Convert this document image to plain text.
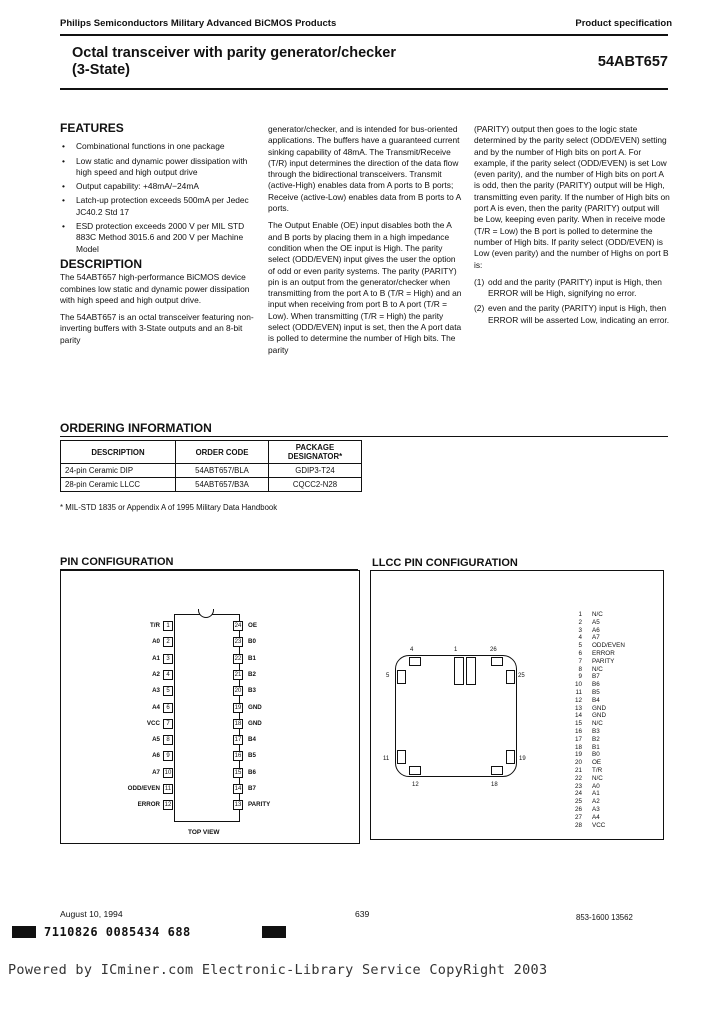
Philips Semiconductors Military Advanced BiCMOS Products	Product specification
Octal transceiver with parity generator/checker
(3-State)	54ABT657
FEATURES
• Combinational functions in one package
• Low static and dynamic power dissipation with high speed and high output drive
• Output capability: +48mA/−24mA
• Latch-up protection exceeds 500mA per Jedec JC40.2 Std 17
• ESD protection exceeds 2000 V per MIL STD 883C Method 3015.6 and 200 V per Machine Model
DESCRIPTION

The 54ABT657 high-performance BiCMOS device combines low static and dynamic power dissipation with high speed and high output drive.

The 54ABT657 is an octal transceiver featuring non-inverting buffers with 3-State outputs and an 8-bit parity

generator/checker, and is intended for bus-oriented applications. The buffers have a guaranteed current sinking capability of 48mA. The Transmit/Receive (T/R) input determines the direction of the data flow through the bidirectional transceivers. Transmit (active-High) enables data from A ports to B ports; Receive (active-Low) enables data from B ports to A ports.

The Output Enable (OE) input disables both the A and B ports by placing them in a high impedance condition when the OE input is High. The parity select (ODD/EVEN) input gives the user the option of odd or even parity systems. The parity (PARITY) pin is an output from the generator/checker when transmitting from the port A to B (T/R = High) and an input when receiving from port B to A port (T/R = Low). When transmitting (T/R = High) the parity select (ODD/EVEN) input is set, then the A port data is polled to determine the number of High bits. The parity

(PARITY) output then goes to the logic state determined by the parity select (ODD/EVEN) setting and by the number of High bits on port A. For example, if the parity select (ODD/EVEN) is set Low (even parity), and the number of High bits on port A is odd, then the parity (PARITY) output will be High, transmitting even parity. If the number of High bits on port A is even, then the parity (PARITY) output will be Low, keeping even parity. When in receive mode (T/R = Low) the B port is polled to determine the number of High bits. If parity select (ODD/EVEN) is Low (even parity) and the number of Highs on port B is:

(1) odd and the parity (PARITY) input is High, then ERROR will be High, signifying no error.
(2) even and the parity (PARITY) input is High, then ERROR will be asserted Low, indicating an error.
ORDERING INFORMATION
DESCRIPTION	ORDER CODE	PACKAGE DESIGNATOR*
24-pin Ceramic DIP	54ABT657/BLA	GDIP3-T24
28-pin Ceramic LLCC	54ABT657/B3A	CQCC2-N28
* MIL-STD 1835 or Appendix A of 1995 Military Data Handbook
PIN CONFIGURATION
T/R	1
A0	2
A1	3
A2	4
A3	5
A4	6
VCC	7
A5	8
A6	9
A7 10
ODD/EVEN 11
ERROR 12
24 OE
23 B0
22 B1
21 B2
20 B3
19 GND
18 GND
17 B4
16 B5
15 B6
14 B7
13 PARITY
TOP VIEW
LLCC PIN CONFIGURATION
4	1	26
5	25
11	19
12	18
1 N/C
2 A5
3 A6
4 A7
5 ODD/EVEN
6 ERROR
7 PARITY
8 N/C
9 B7
10 B6
11 B5
12 B4
13 GND
14 GND
15 N/C
16 B3
17 B2
18 B1
19 B0
20 OE
21 T/R
22 N/C
23 A0
24 A1
25 A2
26 A3
27 A4
28 VCC
August 10, 1994	639	853-1600 13562
7110826 0085434 688
Powered by ICminer.com Electronic-Library Service CopyRight 2003
